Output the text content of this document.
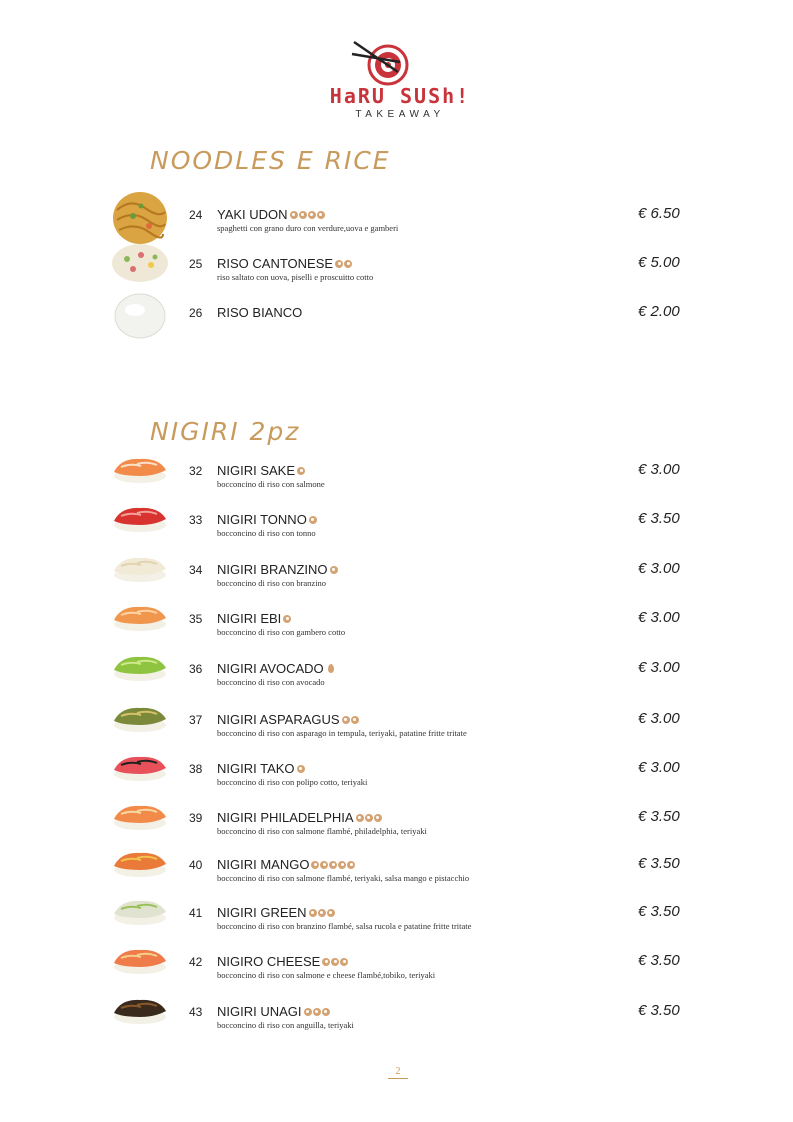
HaRU SUSh!
TAKEAWAY
NOODLES E RICE
NIGIRI 2pz
24 YAKI UDON
spaghetti con grano duro con verdure,uova e gamberi
€ 6.50
25 RISO CANTONESE
riso saltato con uova, piselli e proscuitto cotto
€ 5.00
26 RISO BIANCO	€ 2.00
32 NIGIRI SAKE
bocconcino di riso con salmone
€ 3.00
33 NIGIRI TONNO
bocconcino di riso con tonno
€ 3.50
34 NIGIRI BRANZINO
bocconcino di riso con branzino
€ 3.00
35 NIGIRI EBI
bocconcino di riso con gambero cotto
€ 3.00
36 NIGIRI AVOCADO
bocconcino di riso con avocado
€ 3.00
37 NIGIRI ASPARAGUS
bocconcino di riso con asparago in tempula, teriyaki, patatine fritte tritate
€ 3.00
38 NIGIRI TAKO
bocconcino di riso con polipo cotto, teriyaki
€ 3.00
39 NIGIRI PHILADELPHIA
bocconcino di riso con salmone flambé, philadelphia, teriyaki
€ 3.50
40 NIGIRI MANGO
bocconcino di riso con salmone flambé, teriyaki, salsa mango e pistacchio
€ 3.50
41 NIGIRI GREEN
bocconcino di riso con branzino flambé, salsa rucola e patatine fritte tritate
€ 3.50
42 NIGIRO CHEESE
bocconcino di riso con salmone e cheese flambé,tobiko, teriyaki
€ 3.50
43 NIGIRI UNAGI
bocconcino di riso con anguilla, teriyaki
€ 3.50
2
